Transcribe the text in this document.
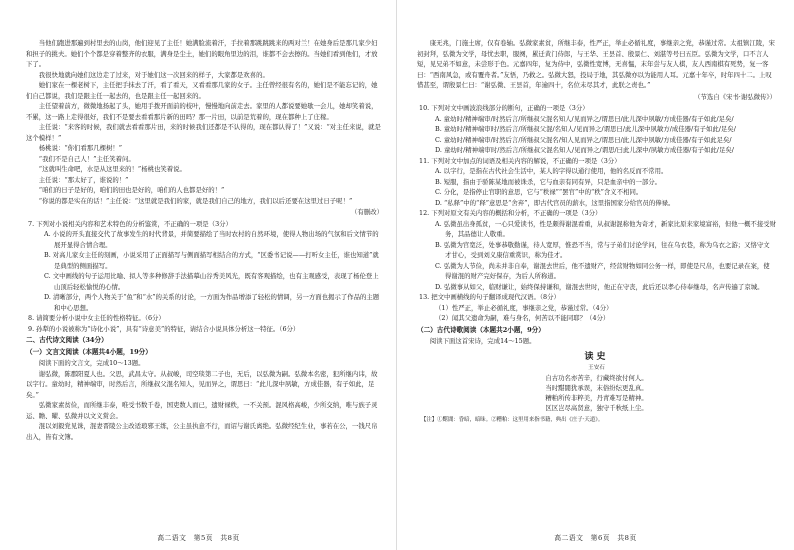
当他们跑进那遍到村里去的山岗，他们迎见了主任！她满脸流着汗，手拉着那跳跳跳来的两对兰！在她身后是那几家少妇和担子的挑夫。她们个个都是穿着整齐的衣服，满身是尘土，她们的眼角里边的泪，谁都不会去擦的。当她们看到他们，才放下了。

我很快地就向她们这边走了过来，对于她们这一次回来的样子，大家都是欢喜的。

她们家在一棵老树下，主任把手抹去了汗，看了看天，又看看那几家的女子。主任曾经很有名的，她们是不能忘记的，她们自己都说，我们是跟主任一起去的，也是跟主任一起回来的。

主任望着前方，微微地扬起了头，她用手拨开面前的枝叶，慢慢地向前走去。家里的人都说要她歇一会儿，她却笑着说，不累，这一路上走得很好，我们不是要去看看那片新的田吗？那一片田，以前是荒着的，现在都种上了庄稼。

主任说：“来客的时候，我们就去看看那片田，来的时候我们还都是不认得的，现在都认得了！”又说：“对主任来说，就是这个模样！”

杨桃说：“你们看那几棵树！”

“我们不是自己人！”主任笑着问。

“这就叫生命吧，水是从这里来的！”杨桃也笑着说。

主任说：“那太好了，谁说的！”

“咱们的日子是好的，咱们的田也是好的，咱们的人也都是好的！”

“你说的都是实在的话！”主任说：“这里就是我们的家，就是我们自己的地方，我们以后还要在这里过日子呢！”

（有删改）

7. 下列对小说相关内容和艺术特色的分析鉴赏，不正确的一项是（3分）

A. 小说的开头直接交代了故事发生的时代背景，并简要描绘了当时农村的自然环境，使得人物出场的气氛和后文情节的展开显得合情合理。

B. 对高儿家女主任的刻画，小说采用了正面描写与侧面描写相结合的方式，“区委书记说——打听女主任，谁也知道”就是典型的侧面描写。

C. 文中画线的句子运用比喻、拟人等多种修辞手法描摹山谷秀美风光，既有客观描绘，也有主观感受，表现了杨伦登上山顶后轻松愉悦的心情。

D. 清晰部分，两个人物关于“鱼”和“水”的关系的讨论，一方面为作品增添了轻松的情调，另一方面也揭示了作品的主题和中心思想。

8. 请简要分析小说中女主任的性格特征。（6分）

9. 孙犁的小说被称为“诗化小说”，具有“诗意美”的特征，请结合小说具体分析这一特征。（6分）

二、古代诗文阅读（34分）
（一）文言文阅读（本题共4小题，19分）

阅读下面的文言文，完成10～13题。

谢弘微，陈郡阳夏人也。父思，武昌太守。从叔峻，司空琰第二子也，无后，以弘微为嗣。弘微本名密，犯所继内讳，故以字行。童幼时，精神端审，时然后言，所继叔父混名知人，见而异之，谓思曰：“此儿深中夙敏，方成佳器，有子如此，足矣。”

弘微家素贫俭，而所继丰泰，唯受书数千卷，国吏数人而已，遗财禄秩，一不关预。混风格高峻，少所交纳，唯与族子灵运、瞻、曜、弘微并以文义赏会。

混以刘毅党见诛，混妻晋陵公主改适琅邪王练，公主虽执意不行，而诏与谢氏离绝。弘微经纪生业，事若在公，一钱尺帛出入，皆有文簿。

高二语文　第5页　共8页

康无兆，门施土席，仅有卷轴。弘微家素贫，所继丰泰，性严正，举止必循礼度，事继亲之党，恭谨过常。太祖镇江陵，宋初封拜，弘微为文学，母忧去职，服阕，累迁黄门侍郎，与王华、王昙首、殷景仁、刘湛等号曰五臣。弘微为文学，口不言人短，见兄弟不如意，未尝形于色。元嘉四年，复为侍中，弘微性宽博，无喜愠，末年尝与友人棋，友人西南棋有死势，复一客曰：“西南风急，或有覆舟者。”友悟，乃救之。弘微大怒，投局于地，其弘微亦以为能用人耳。元嘉十年卒，时年四十二。上叹惜甚至，谓殷景仁曰：“谢弘微、王昙首，年逾四十，名位未尽其才，此朕之责也。”

（节选自《宋书·谢弘微传》）

10. 下列对文中画波浪线部分的断句，正确的一项是（3分）

A. 童幼时/精神端审/时然后言/所继叔父混名知人/见而异之/谓思曰/此儿深中夙敏/方成佳器/有子如此/足矣/

B. 童幼时/精神端审时/然后言/所继叔父混/名知人/见而异之/谓思曰/此儿深中夙敏方/成佳器/有子如此/足矣/

C. 童幼时/精神端审/时然后言/所继叔父混名/知人见而异之/谓思曰/此儿深中夙敏/方成佳器/有子如此足矣/

D. 童幼时/精神端审时/然后言/所继叔父混名知人/见而异之/谓思/曰此儿深中/夙敏方成佳器/有子如此/足矣/

11. 下列对文中加点的词语及相关内容的解说，不正确的一项是（3分）

A. 以字行，是指在古代社会生活中，某人的字得以通行使用，他的名反而不常用。

B. 短服，指由于骄陈某地而被诛杀，它与血亲有同有异，只是血亲中的一部分。

C. 分化，是指停止官职的意思，它与“秩禄”“罢官”中的“秩”含义不相同。

D. “私释”中的“释”意思是“舍弃”，即古代官员的薪水，这里指国家分给官员的俸禄。

12. 下列对原文有关内容的概括和分析，不正确的一项是（3分）

A. 弘微虽出身孤贫，一心只爱读书，性是颇得谢混看重，从叔谢混称他为奇才，新家比原来家境富裕，但他一概不接受财务，其品德让人敬重。

B. 弘微为官宽泛，处事恭敬勤谨，待人宽厚，惟恐不当，常与子弟们讨论学问，往在乌衣巷，称为乌衣之游；又恪守文才甘心，受到刘义康信重赏识，称为佳才。

C. 弘微为人节俭，尚未并非自奉，谢混去世后，他不遗财产，经营财物如同公务一样，即使是尺帛，也要记录在案，使得谢混的财产完好保存，为后人所称道。

D. 弘微事从如父，临财谦让，始终保持谦和，谢混去世时，他正在守丧，此后还以孝心侍奉继母，名声传遍了京城。

13. 把文中画横线的句子翻译成现代汉语。（8分）

（1）性严正，举止必循礼度，事继亲之党，恭谨过常。（4分）

（2）闻其父遗命为嗣，难与身名，何苦以不能同耶？（4分）

（二）古代诗歌阅读（本题共2小题，9分）

阅读下面这首宋诗，完成14～15题。

读史
王安石
自古功名亦苦辛，行藏终欲付何人。
当时黮闇犹承误，末俗纷纭更乱真。
糟粕所传非粹美，丹青难写是精神。
区区岂尽高贤意，独守千秋纸上尘。
【注】①黮闇：昏暗，暗昧。②糟粕：这里用来指书籍，典出《庄子·天道》。
高二语文　第6页　共8页
